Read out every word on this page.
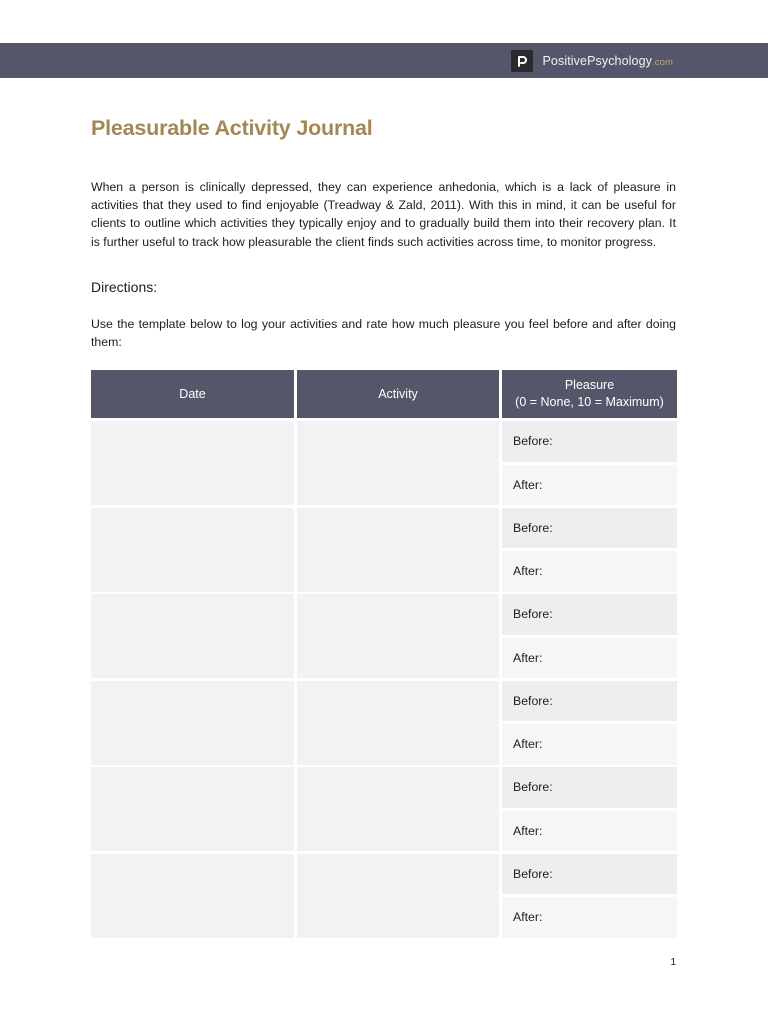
PositivePsychology.com
Pleasurable Activity Journal

When a person is clinically depressed, they can experience anhedonia, which is a lack of pleasure in activities that they used to find enjoyable (Treadway & Zald, 2011). With this in mind, it can be useful for clients to outline which activities they typically enjoy and to gradually build them into their recovery plan. It is further useful to track how pleasurable the client finds such activities across time, to monitor progress.

Directions:

Use the template below to log your activities and rate how much pleasure you feel before and after doing them:

Date	Activity
Pleasure
(0 = None, 10 = Maximum)
Before:
After:
Before:
After:
Before:
After:
Before:
After:
Before:
After:
Before:
After:
1
